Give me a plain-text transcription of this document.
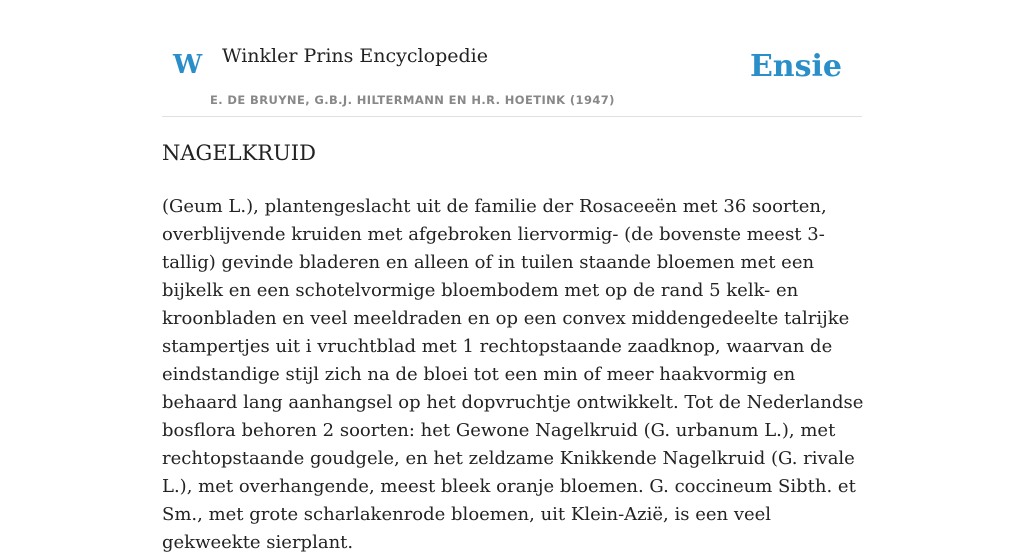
W Winkler Prins Encyclopedie
E. DE BRUYNE, G.B.J. HILTERMANN EN H.R. HOETINK (1947)
Ensie
NAGELKRUID

(Geum L.), plantengeslacht uit de familie der Rosaceeën met 36 soorten, overblijvende kruiden met afgebroken liervormig- (de bovenste meest 3-tallig) gevinde bladeren en alleen of in tuilen staande bloemen met een bijkelk en een schotelvormige bloembodem met op de rand 5 kelk- en kroonbladen en veel meeldraden en op een convex middengedeelte talrijke stampertjes uit i vruchtblad met 1 rechtopstaande zaadknop, waarvan de eindstandige stijl zich na de bloei tot een min of meer haakvormig en behaard lang aanhangsel op het dopvruchtje ontwikkelt. Tot de Nederlandse bosflora behoren 2 soorten: het Gewone Nagelkruid (G. urbanum L.), met rechtopstaande goudgele, en het zeldzame Knikkende Nagelkruid (G. rivale L.), met overhangende, meest bleek oranje bloemen. G. coccineum Sibth. et Sm., met grote scharlakenrode bloemen, uit Klein-Azië, is een veel gekweekte sierplant.
